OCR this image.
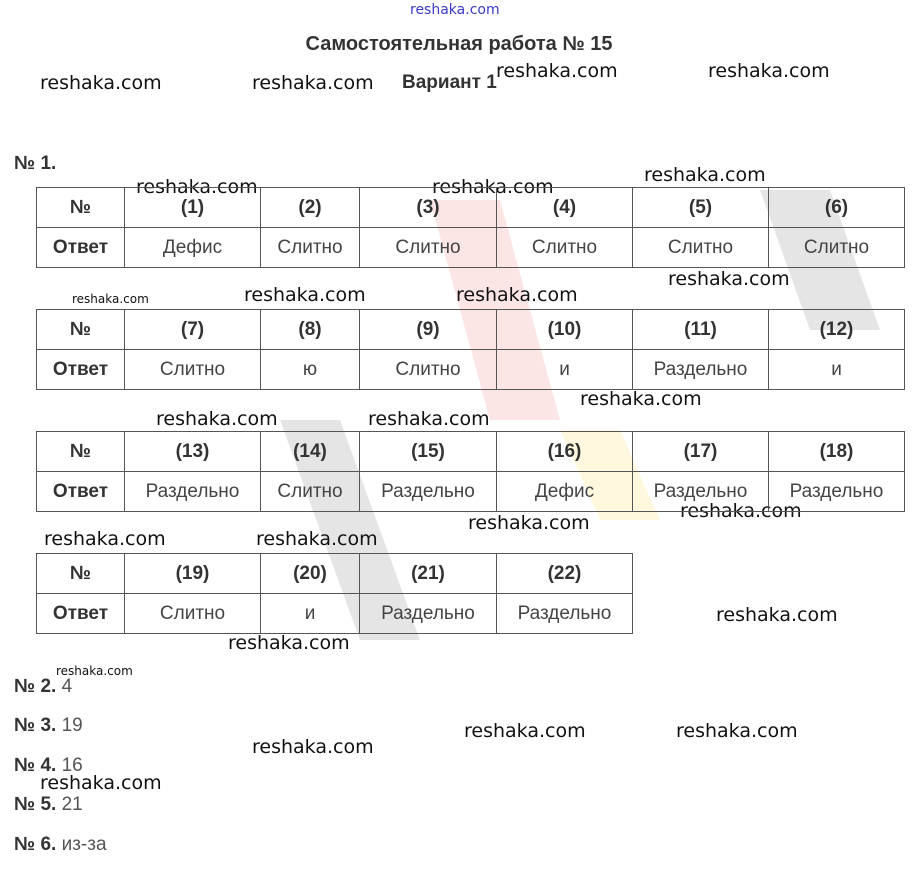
reshaka.com
reshaka.com	reshaka.com
reshaka.com	reshaka.com
reshaka.com	reshaka.com
reshaka.com
reshaka.com	reshaka.com	reshaka.com
reshaka.com
reshaka.com
reshaka.com	reshaka.com
reshaka.com
reshaka.com
reshaka.com	reshaka.com
reshaka.com
reshaka.com
reshaka.com
reshaka.com	reshaka.com
reshaka.com
reshaka.com
Самостоятельная работа № 15
Вариант 1
№ 1.
№	(1)	(2)	(3)	(4)	(5)	(6)
Ответ	Дефис	Слитно	Слитно	Слитно	Слитно	Слитно
№	(7)	(8)	(9)	(10)	(11)	(12)
Ответ	Слитно	ю	Слитно	и	Раздельно	и
№	(13)	(14)	(15)	(16)	(17)	(18)
Ответ	Раздельно	Слитно	Раздельно	Дефис	Раздельно	Раздельно
№	(19)	(20)	(21)	(22)
Ответ	Слитно	и	Раздельно	Раздельно
№ 2. 4
№ 3. 19
№ 4. 16
№ 5. 21
№ 6. из-за
